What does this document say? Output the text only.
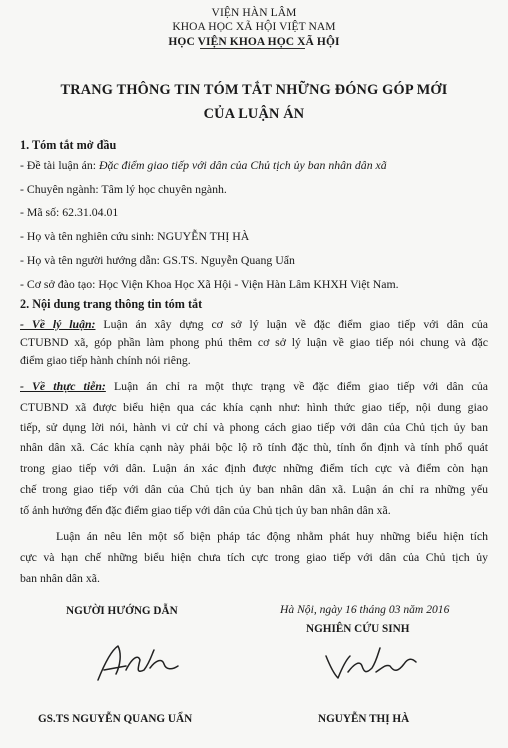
VIỆN HÀN LÂM
KHOA HỌC XÃ HỘI VIỆT NAM
HỌC VIỆN KHOA HỌC XÃ HỘI
TRANG THÔNG TIN TÓM TẮT NHỮNG ĐÓNG GÓP MỚI
CỦA LUẬN ÁN
1. Tóm tắt mở đầu
- Đề tài luận án: Đặc điểm giao tiếp với dân của Chủ tịch ủy ban nhân dân xã
- Chuyên ngành: Tâm lý học chuyên ngành.
- Mã số: 62.31.04.01
- Họ và tên nghiên cứu sinh: NGUYỄN THỊ HÀ
- Họ và tên người hướng dẫn: GS.TS. Nguyễn Quang Uẩn
- Cơ sở đào tạo: Học Viện Khoa Học Xã Hội - Viện Hàn Lâm KHXH Việt Nam.
2. Nội dung trang thông tin tóm tắt
- Về lý luận: Luận án xây dựng cơ sở lý luận về đặc điểm giao tiếp với dân của
CTUBND xã, góp phần làm phong phú thêm cơ sở lý luận về giao tiếp nói chung và đặc
điểm giao tiếp hành chính nói riêng.
- Về thực tiễn: Luận án chỉ ra một thực trạng về đặc điểm giao tiếp với dân của
CTUBND xã được biểu hiện qua các khía cạnh như: hình thức giao tiếp, nội dung giao
tiếp, sử dụng lời nói, hành vi cử chỉ và phong cách giao tiếp với dân của Chủ tịch ủy ban
nhân dân xã. Các khía cạnh này phải bộc lộ rõ tính đặc thù, tính ổn định và tính phổ quát
trong giao tiếp với dân. Luận án xác định được những điểm tích cực và điểm còn hạn
chế trong giao tiếp với dân của Chủ tịch ủy ban nhân dân xã. Luận án chỉ ra những yếu
tố ảnh hưởng đến đặc điểm giao tiếp với dân của Chủ tịch ủy ban nhân dân xã.
Luận án nêu lên một số biện pháp tác động nhằm phát huy những biểu hiện tích
cực và hạn chế những biểu hiện chưa tích cực trong giao tiếp với dân của Chủ tịch ủy
ban nhân dân xã.
NGƯỜI HƯỚNG DẪN	Hà Nội, ngày 16 tháng 03 năm 2016
NGHIÊN CỨU SINH
GS.TS NGUYỄN QUANG UẨN	NGUYỄN THỊ HÀ
